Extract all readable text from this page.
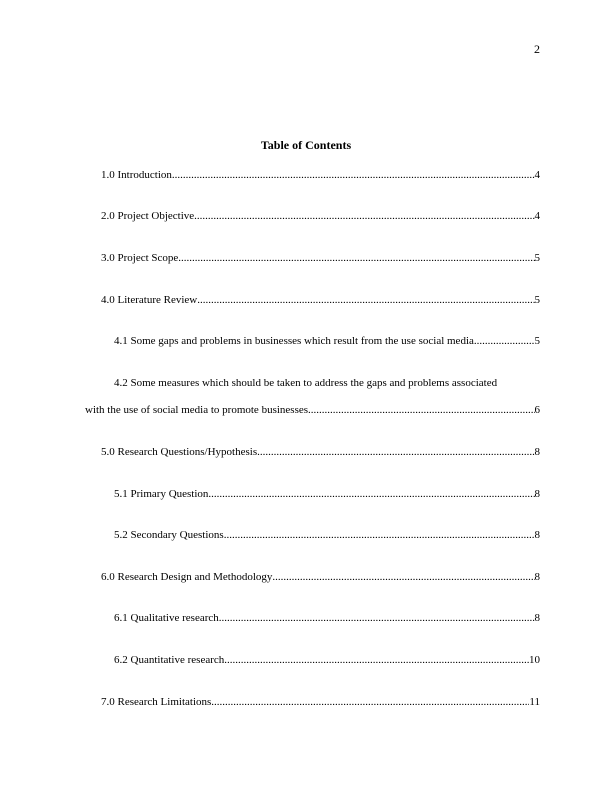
2
Table of Contents
1.0 Introduction .....	4
2.0 Project Objective .....	4
3.0 Project Scope .....	5
4.0 Literature Review .....	5
4.1 Some gaps and problems in businesses which result from the use social media .....	5
4.2 Some measures which should be taken to address the gaps and problems associated
with the use of social media to promote businesses .....	6
5.0 Research Questions/Hypothesis .....	8
5.1 Primary Question .....	8
5.2 Secondary Questions .....	8
6.0 Research Design and Methodology .....	8
6.1 Qualitative research .....	8
6.2 Quantitative research .....	10
7.0 Research Limitations .....	11
